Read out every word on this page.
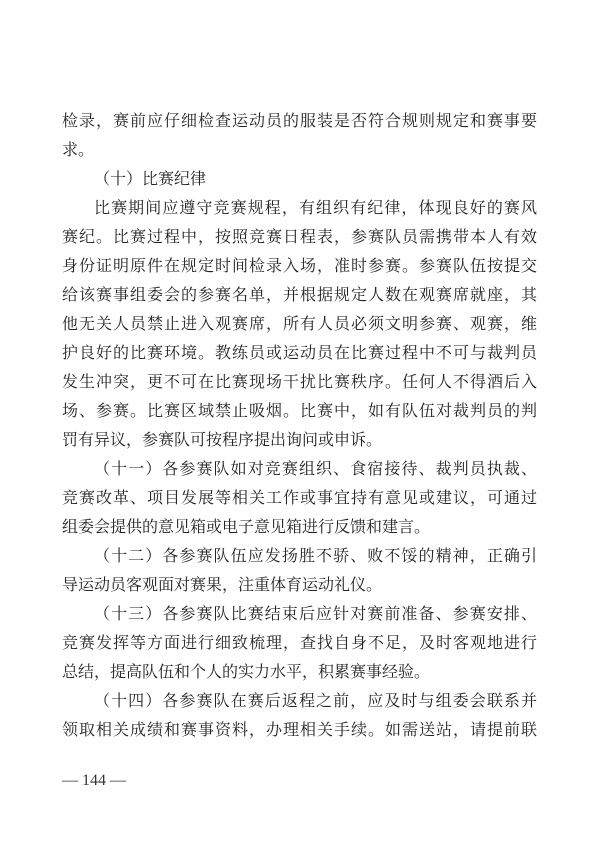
检录，赛前应仔细检查运动员的服装是否符合规则规定和赛事要
求。
（十）比赛纪律
比赛期间应遵守竞赛规程，有组织有纪律，体现良好的赛风
赛纪。比赛过程中，按照竞赛日程表，参赛队员需携带本人有效
身份证明原件在规定时间检录入场，准时参赛。参赛队伍按提交
给该赛事组委会的参赛名单，并根据规定人数在观赛席就座，其
他无关人员禁止进入观赛席，所有人员必须文明参赛、观赛，维
护良好的比赛环境。教练员或运动员在比赛过程中不可与裁判员
发生冲突，更不可在比赛现场干扰比赛秩序。任何人不得酒后入
场、参赛。比赛区域禁止吸烟。比赛中，如有队伍对裁判员的判
罚有异议，参赛队可按程序提出询问或申诉。
（十一）各参赛队如对竞赛组织、食宿接待、裁判员执裁、
竞赛改革、项目发展等相关工作或事宜持有意见或建议，可通过
组委会提供的意见箱或电子意见箱进行反馈和建言。
（十二）各参赛队伍应发扬胜不骄、败不馁的精神，正确引
导运动员客观面对赛果，注重体育运动礼仪。
（十三）各参赛队比赛结束后应针对赛前准备、参赛安排、
竞赛发挥等方面进行细致梳理，查找自身不足，及时客观地进行
总结，提高队伍和个人的实力水平，积累赛事经验。
（十四）各参赛队在赛后返程之前，应及时与组委会联系并
领取相关成绩和赛事资料，办理相关手续。如需送站，请提前联
— 144 —
